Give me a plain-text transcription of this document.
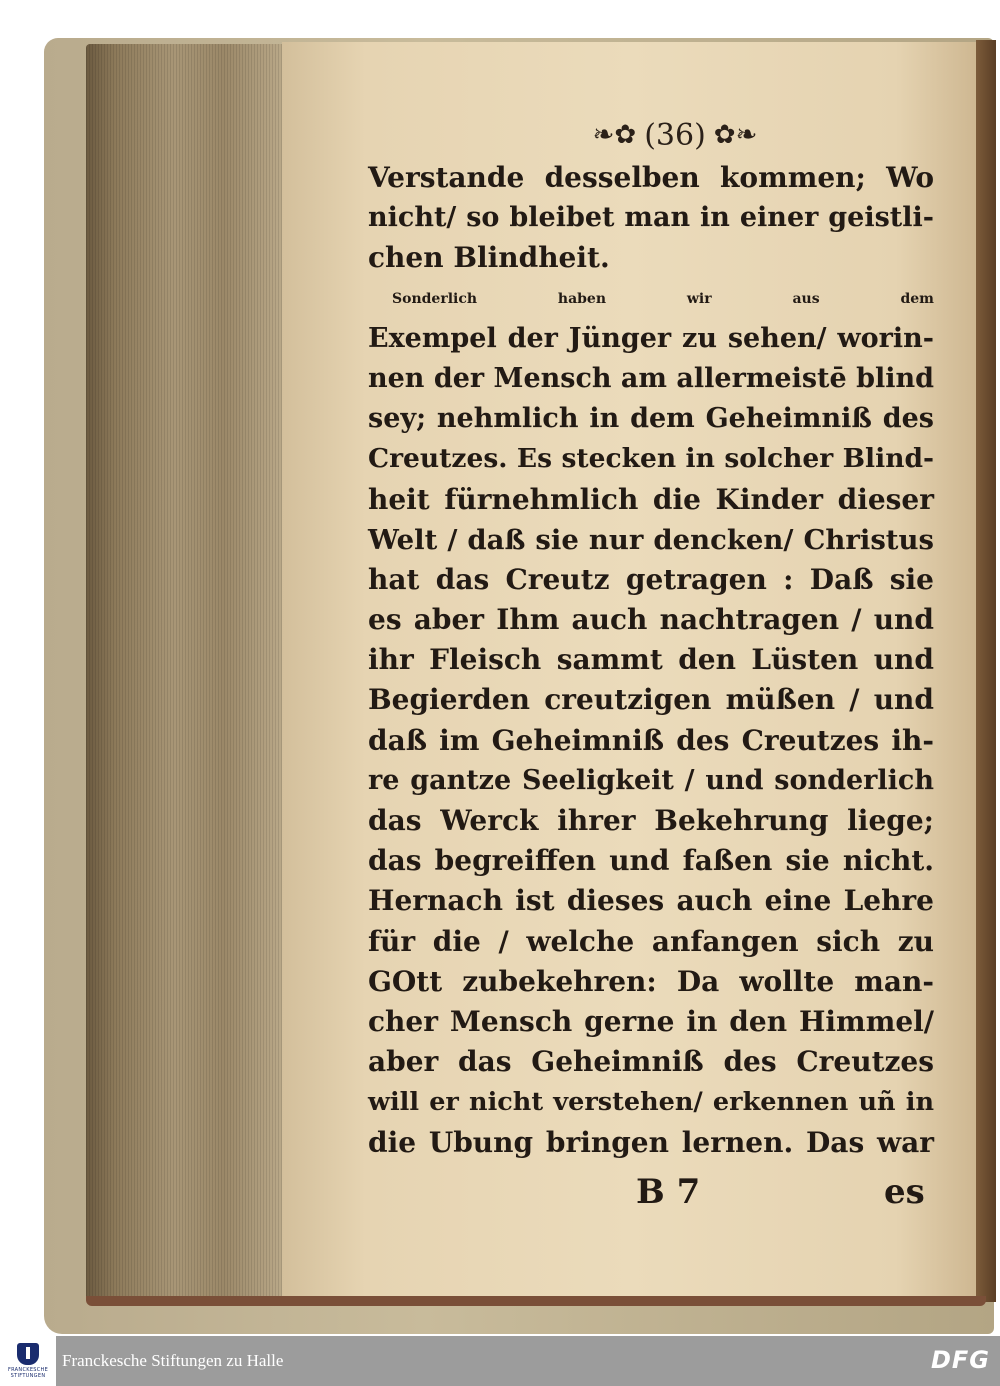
❧✿ (36) ✿❧
Verstande desselben kommen; Wo
nicht/ so bleibet man in einer geistli-
chen Blindheit.
Sonderlich haben wir aus dem
Exempel der Jünger zu sehen/ worin-
nen der Mensch am allermeistē blind
sey; nehmlich in dem Geheimniß des
Creutzes. Es stecken in solcher Blind-
heit fürnehmlich die Kinder dieser
Welt / daß sie nur dencken/ Christus
hat das Creutz getragen : Daß sie
es aber Ihm auch nachtragen / und
ihr Fleisch sammt den Lüsten und
Begierden creutzigen müßen / und
daß im Geheimniß des Creutzes ih-
re gantze Seeligkeit / und sonderlich
das Werck ihrer Bekehrung liege;
das begreiffen und faßen sie nicht.
Hernach ist dieses auch eine Lehre
für die / welche anfangen sich zu
GOtt zubekehren: Da wollte man-
cher Mensch gerne in den Himmel/
aber das Geheimniß des Creutzes
will er nicht verstehen/ erkennen uñ in
die Ubung bringen lernen. Das war
B 7	es
FRANCKESCHE STIFTUNGEN
Franckesche Stiftungen zu Halle	DFG
